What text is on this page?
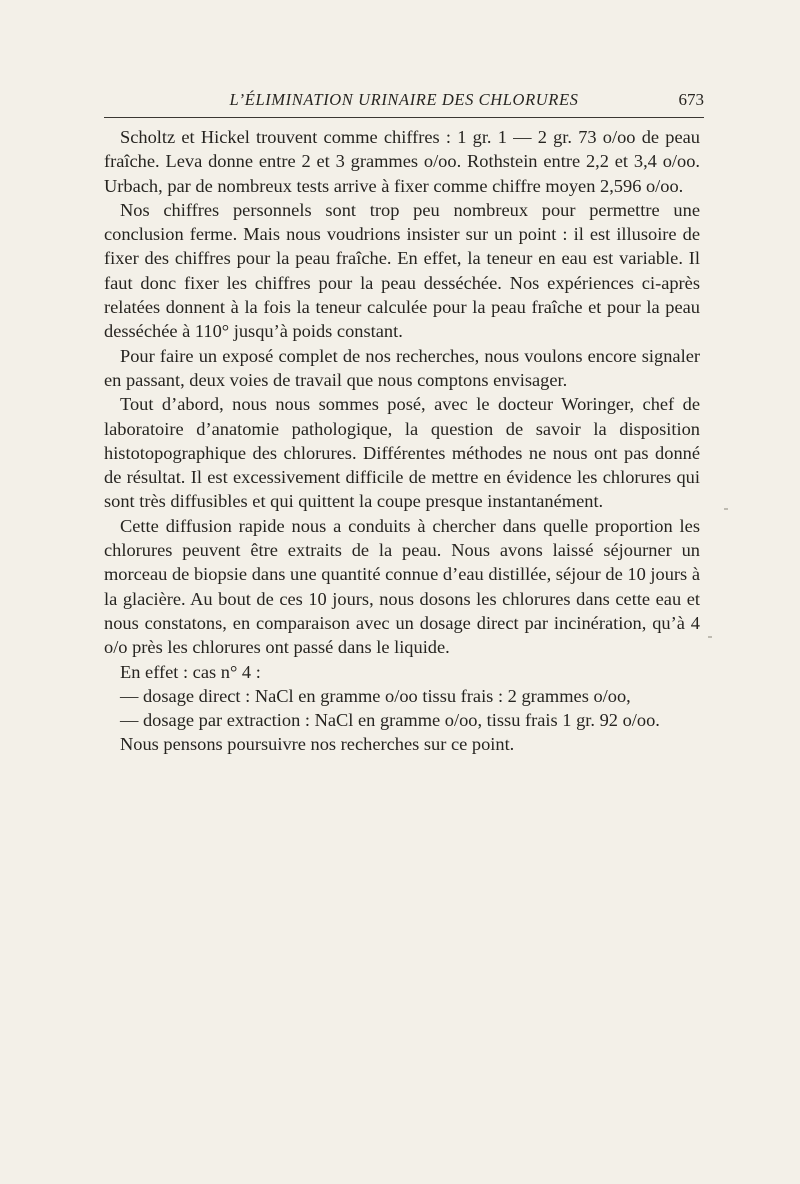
L’ÉLIMINATION URINAIRE DES CHLORURES	673

Scholtz et Hickel trouvent comme chiffres : 1 gr. 1 — 2 gr. 73 o/oo de peau fraîche. Leva donne entre 2 et 3 grammes o/oo. Rothstein entre 2,2 et 3,4 o/oo. Urbach, par de nombreux tests arrive à fixer comme chiffre moyen 2,596 o/oo.

Nos chiffres personnels sont trop peu nombreux pour permettre une conclusion ferme. Mais nous voudrions insister sur un point : il est illusoire de fixer des chiffres pour la peau fraîche. En effet, la teneur en eau est variable. Il faut donc fixer les chiffres pour la peau desséchée. Nos expériences ci-après relatées donnent à la fois la teneur calculée pour la peau fraîche et pour la peau desséchée à 110° jusqu’à poids constant.

Pour faire un exposé complet de nos recherches, nous voulons encore signaler en passant, deux voies de travail que nous comptons envisager.

Tout d’abord, nous nous sommes posé, avec le docteur Woringer, chef de laboratoire d’anatomie pathologique, la question de savoir la disposition histotopographique des chlorures. Différentes méthodes ne nous ont pas donné de résultat. Il est excessivement difficile de mettre en évidence les chlorures qui sont très diffusibles et qui quittent la coupe presque instantanément.

Cette diffusion rapide nous a conduits à chercher dans quelle proportion les chlorures peuvent être extraits de la peau. Nous avons laissé séjourner un morceau de biopsie dans une quantité connue d’eau distillée, séjour de 10 jours à la glacière. Au bout de ces 10 jours, nous dosons les chlorures dans cette eau et nous constatons, en comparaison avec un dosage direct par incinération, qu’à 4 o/o près les chlorures ont passé dans le liquide.

En effet : cas n° 4 :

— dosage direct : NaCl en gramme o/oo tissu frais : 2 grammes o/oo,

— dosage par extraction : NaCl en gramme o/oo, tissu frais 1 gr. 92 o/oo.

Nous pensons poursuivre nos recherches sur ce point.
